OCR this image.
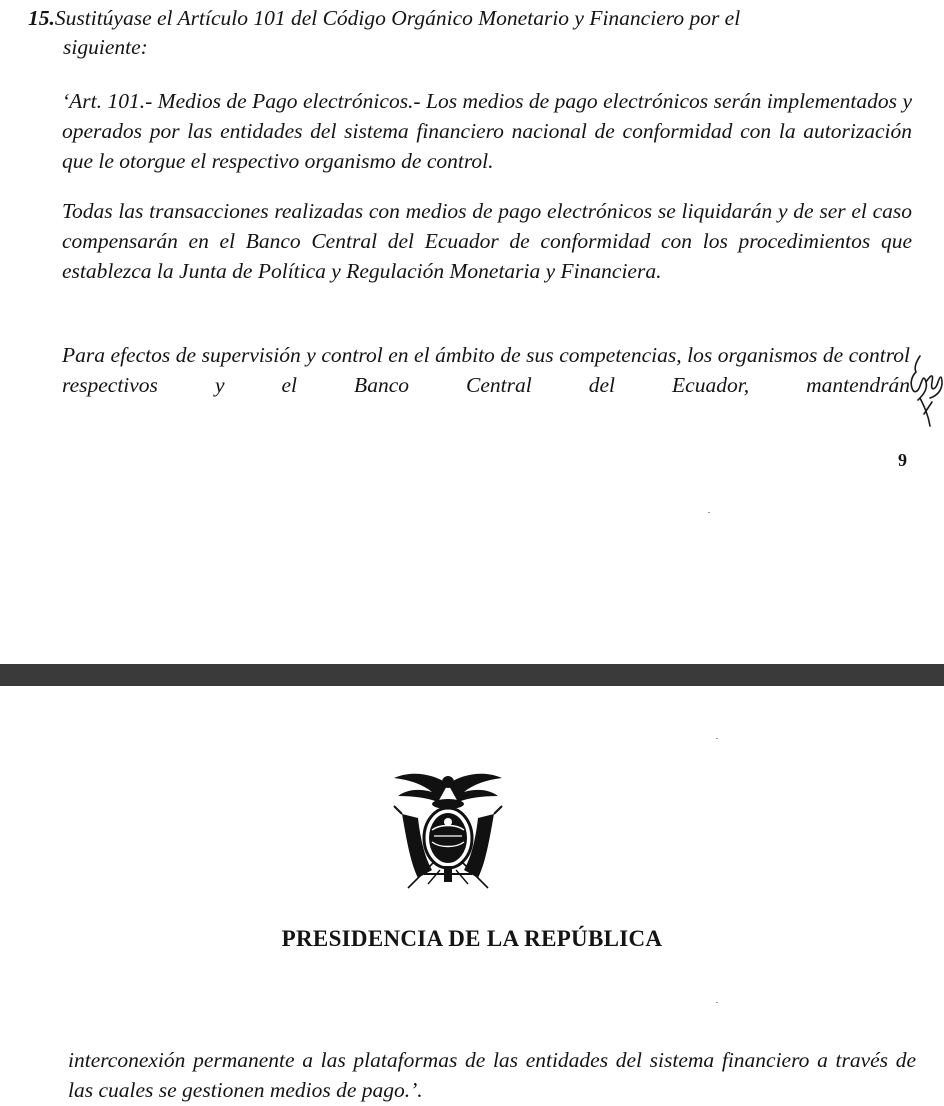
15.Sustitúyase el Artículo 101 del Código Orgánico Monetario y Financiero por el
siguiente:
‘Art. 101.- Medios de Pago electrónicos.- Los medios de pago electrónicos serán implementados y operados por las entidades del sistema financiero nacional de conformidad con la autorización que le otorgue el respectivo organismo de control.
Todas las transacciones realizadas con medios de pago electrónicos se liquidarán y de ser el caso compensarán en el Banco Central del Ecuador de conformidad con los procedimientos que establezca la Junta de Política y Regulación Monetaria y Financiera.
Para efectos de supervisión y control en el ámbito de sus competencias, los organismos de control respectivos y el Banco Central del Ecuador, mantendrán
9
PRESIDENCIA DE LA REPÚBLICA
interconexión permanente a las plataformas de las entidades del sistema financiero a través de las cuales se gestionen medios de pago.’.
